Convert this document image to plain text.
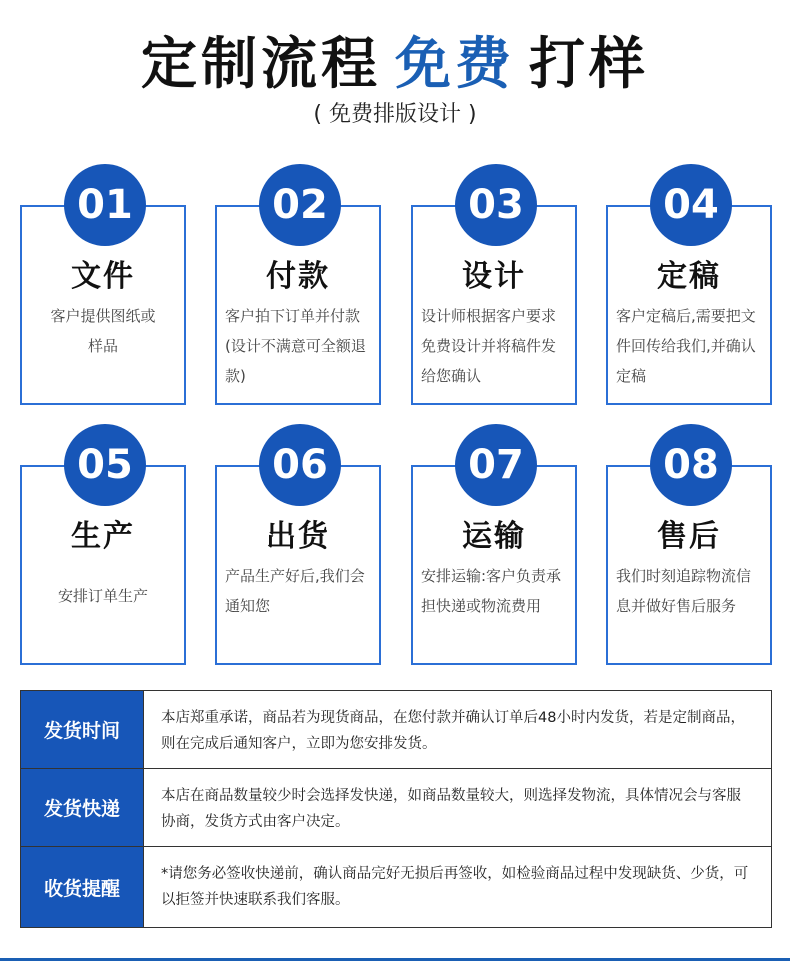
定制流程 免费 打样
( 免费排版设计 )
01
文件
客户提供图纸或样品
02
付款
客户拍下订单并付款(设计不满意可全额退款)
03
设计
设计师根据客户要求免费设计并将稿件发给您确认
04
定稿
客户定稿后,需要把文件回传给我们,并确认定稿
05
生产
安排订单生产
06
出货
产品生产好后,我们会通知您
07
运输
安排运输:客户负责承担快递或物流费用
08
售后
我们时刻追踪物流信息并做好售后服务
发货时间
本店郑重承诺，商品若为现货商品，在您付款并确认订单后48小时内发货，若是定制商品，则在完成后通知客户，立即为您安排发货。
发货快递
本店在商品数量较少时会选择发快递，如商品数量较大，则选择发物流，具体情况会与客服协商，发货方式由客户决定。
收货提醒
*请您务必签收快递前，确认商品完好无损后再签收，如检验商品过程中发现缺货、少货，可以拒签并快速联系我们客服。
